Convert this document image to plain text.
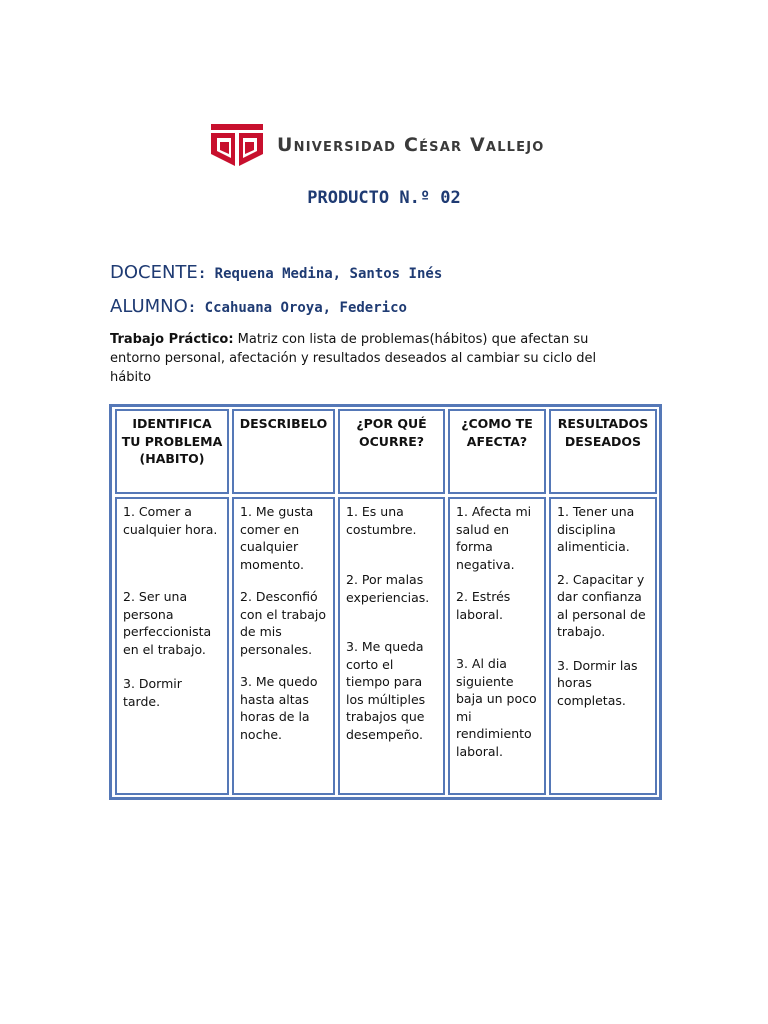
Universidad César Vallejo
PRODUCTO N.º 02
DOCENTE: Requena Medina, Santos Inés
ALUMNO: Ccahuana Oroya, Federico
Trabajo Práctico: Matriz con lista de problemas(hábitos) que afectan su entorno personal, afectación y resultados deseados al cambiar su ciclo del hábito
IDENTIFICA TU PROBLEMA (HABITO)
DESCRIBELO	¿POR QUÉ OCURRE?
¿COMO TE AFECTA?
RESULTADOS DESEADOS

1. Comer a cualquier hora.

2. Ser una persona perfeccionista en el trabajo.

3. Dormir tarde.

1. Me gusta comer en cualquier momento.

2. Desconfió con el trabajo de mis personales.

3. Me quedo hasta altas horas de la noche.

1. Es una costumbre.

2. Por malas experiencias.

3. Me queda corto el tiempo para los múltiples trabajos que desempeño.

1. Afecta mi salud en forma negativa.

2. Estrés laboral.

3. Al dia siguiente baja un poco mi rendimiento laboral.

1. Tener una disciplina alimenticia.

2. Capacitar y dar confianza al personal de trabajo.

3. Dormir las horas completas.
